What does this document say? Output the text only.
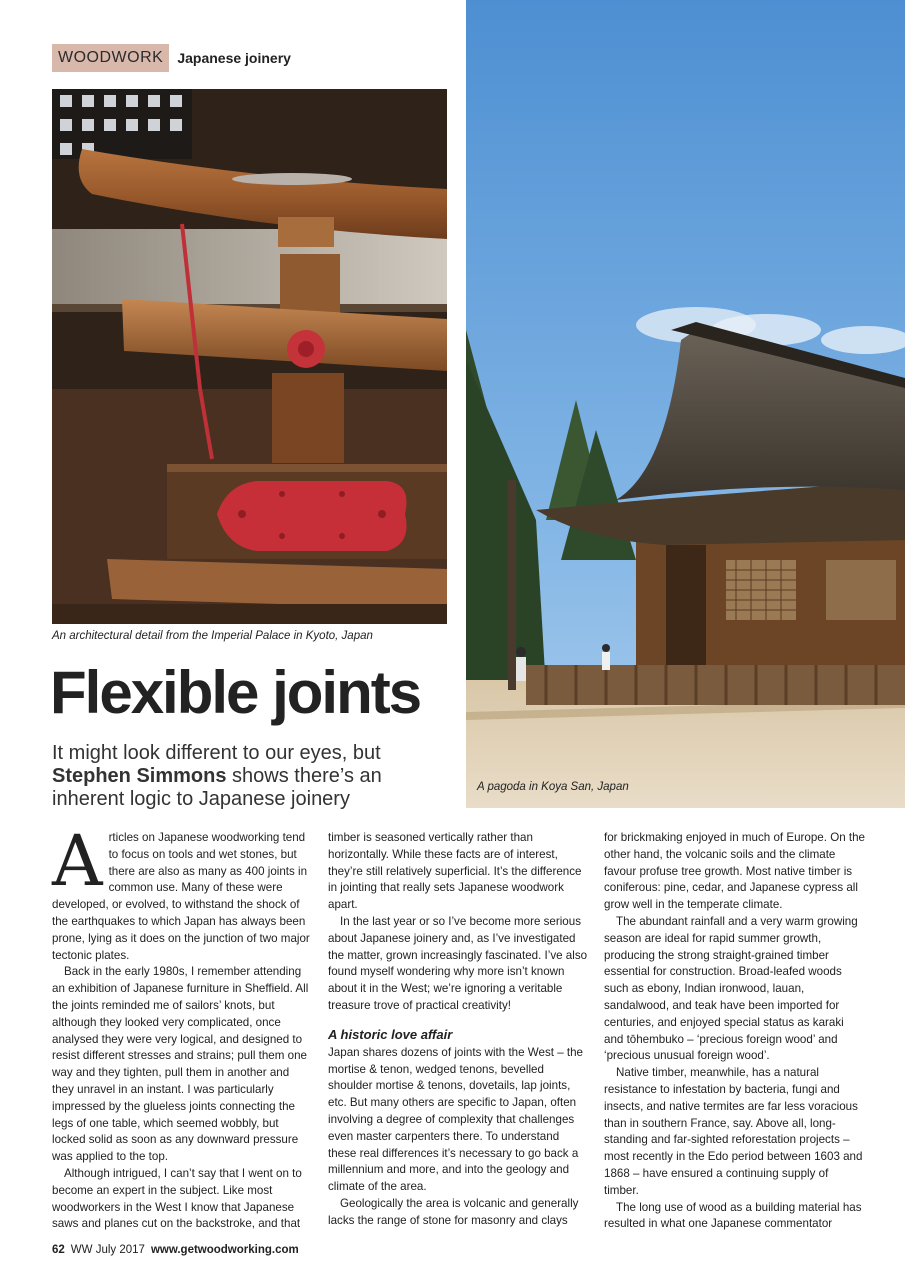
WOODWORK	Japanese joinery
An architectural detail from the Imperial Palace in Kyoto, Japan
A pagoda in Koya San, Japan
Flexible joints

It might look different to our eyes, but Stephen Simmons shows there’s an inherent logic to Japanese joinery

Articles on Japanese woodworking tend to focus on tools and wet stones, but there are also as many as 400 joints in common use. Many of these were developed, or evolved, to withstand the shock of the earthquakes to which Japan has always been prone, lying as it does on the junction of two major tectonic plates.

Back in the early 1980s, I remember attending an exhibition of Japanese furniture in Sheffield. All the joints reminded me of sailors’ knots, but although they looked very complicated, once analysed they were very logical, and designed to resist different stresses and strains; pull them one way and they tighten, pull them in another and they unravel in an instant. I was particularly impressed by the glueless joints connecting the legs of one table, which seemed wobbly, but locked solid as soon as any downward pressure was applied to the top.

Although intrigued, I can’t say that I went on to become an expert in the subject. Like most woodworkers in the West I know that Japanese saws and planes cut on the backstroke, and that

timber is seasoned vertically rather than horizontally. While these facts are of interest, they’re still relatively superficial. It’s the difference in jointing that really sets Japanese woodwork apart.

In the last year or so I’ve become more serious about Japanese joinery and, as I’ve investigated the matter, grown increasingly fascinated. I’ve also found myself wondering why more isn’t known about it in the West; we’re ignoring a veritable treasure trove of practical creativity!

A historic love affair

Japan shares dozens of joints with the West – the mortise & tenon, wedged tenons, bevelled shoulder mortise & tenons, dovetails, lap joints, etc. But many others are specific to Japan, often involving a degree of complexity that challenges even master carpenters there. To understand these real differences it’s necessary to go back a millennium and more, and into the geology and climate of the area.

Geologically the area is volcanic and generally lacks the range of stone for masonry and clays

for brickmaking enjoyed in much of Europe. On the other hand, the volcanic soils and the climate favour profuse tree growth. Most native timber is coniferous: pine, cedar, and Japanese cypress all grow well in the temperate climate.

The abundant rainfall and a very warm growing season are ideal for rapid summer growth, producing the strong straight-grained timber essential for construction. Broad-leafed woods such as ebony, Indian ironwood, lauan, sandalwood, and teak have been imported for centuries, and enjoyed special status as karaki and tōhembuko – ‘precious foreign wood’ and ‘precious unusual foreign wood’.

Native timber, meanwhile, has a natural resistance to infestation by bacteria, fungi and insects, and native termites are far less voracious than in southern France, say. Above all, long-standing and far-sighted reforestation projects – most recently in the Edo period between 1603 and 1868 – have ensured a continuing supply of timber.

The long use of wood as a building material has resulted in what one Japanese commentator

62 WW July 2017 www.getwoodworking.com
